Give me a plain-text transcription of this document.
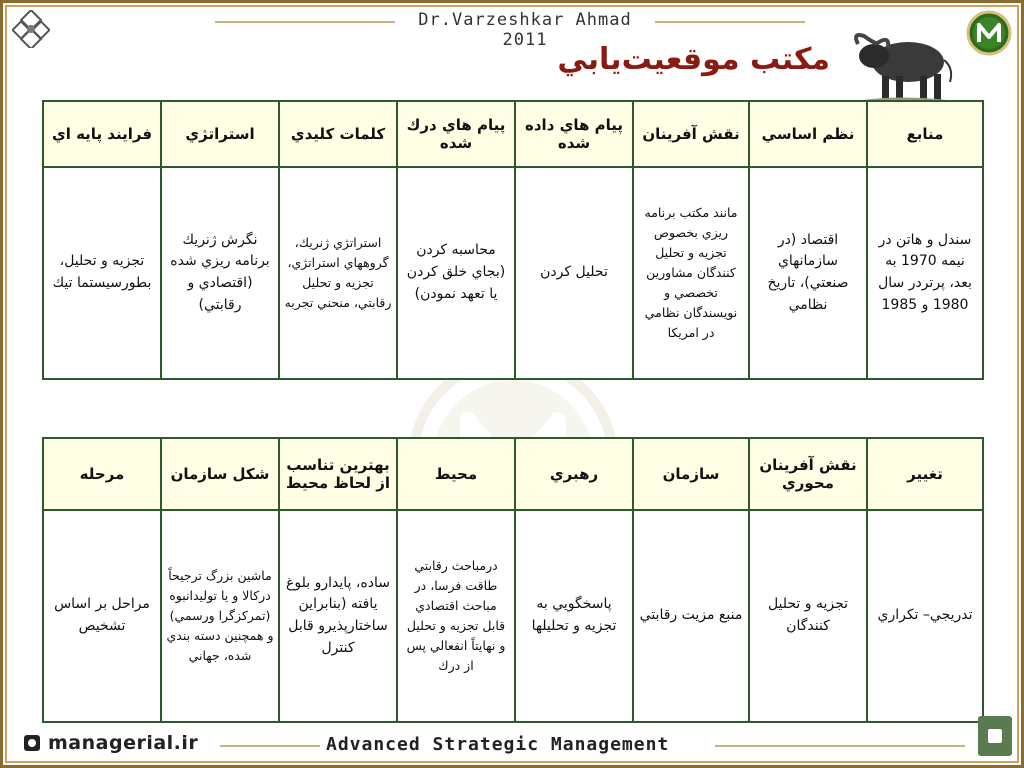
Dr.Varzeshkar Ahmad 2011
مکتب موقعيت‌يابي
فرايند پايه اي	استراتژي	كلمات كليدي	پيام هاي درك شده	پيام هاي داده شده	نقش آفرينان	نظم اساسي	منابع
تجزيه و تحليل، بطورسيستما تيك	نگرش ژنريك برنامه ريزي شده (اقتصادي و رقابتي)	استراتژي ژنريك، گروههاي استراتژي، تجزيه و تحليل رقابتي، منحني تجربه	محاسبه كردن (بجاي خلق كردن يا تعهد نمودن)	تحليل كردن	مانند مكتب برنامه ريزي بخصوص تجزيه و تحليل كنندگان مشاورين تخصصي و نويسندگان نظامي در امريكا	اقتصاد (در سازمانهاي صنعتي)، تاريخ نظامي	سندل و هاتن در نيمه 1970 به بعد، پرتردر سال 1980 و 1985
مرحله	شكل سازمان	بهترين تناسب از لحاظ محيط	محيط	رهبري	سازمان	نقش آفرينان محوري	تغيير
مراحل بر اساس تشخيص	ماشين بزرگ ترجيحاً دركالا و يا توليدانبوه (تمركزگرا ورسمي) و همچنين دسته بندي شده، جهاني	ساده، پايدارو بلوغ يافته (بنابراين ساختارپذيرو قابل كنترل	درمباحث رقابتي طاقت فرسا، در مباحث اقتصادي قابل تجزيه و تحليل و نهايتاً انفعالي پس از درك	پاسخگويي به تجزيه و تحليلها	منبع مزيت رقابتي	تجزيه و تحليل كنندگان	تدريجي– تكراري
managerial.ir	Advanced Strategic Management
